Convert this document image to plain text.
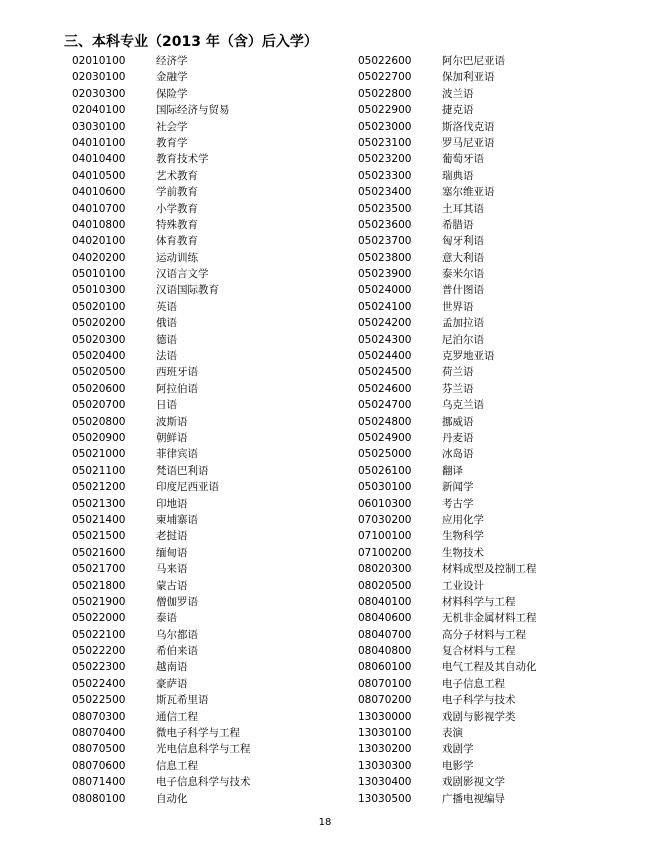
三、本科专业（2013 年（含）后入学）
02010100	经济学
02030100	金融学
02030300	保险学
02040100	国际经济与贸易
03030100	社会学
04010100	教育学
04010400	教育技术学
04010500	艺术教育
04010600	学前教育
04010700	小学教育
04010800	特殊教育
04020100	体育教育
04020200	运动训练
05010100	汉语言文学
05010300	汉语国际教育
05020100	英语
05020200	俄语
05020300	德语
05020400	法语
05020500	西班牙语
05020600	阿拉伯语
05020700	日语
05020800	波斯语
05020900	朝鲜语
05021000	菲律宾语
05021100	梵语巴利语
05021200	印度尼西亚语
05021300	印地语
05021400	柬埔寨语
05021500	老挝语
05021600	缅甸语
05021700	马来语
05021800	蒙古语
05021900	僧伽罗语
05022000	泰语
05022100	乌尔都语
05022200	希伯来语
05022300	越南语
05022400	豪萨语
05022500	斯瓦希里语
08070300	通信工程
08070400	微电子科学与工程
08070500	光电信息科学与工程
08070600	信息工程
08071400	电子信息科学与技术
08080100	自动化
05022600	阿尔巴尼亚语
05022700	保加利亚语
05022800	波兰语
05022900	捷克语
05023000	斯洛伐克语
05023100	罗马尼亚语
05023200	葡萄牙语
05023300	瑞典语
05023400	塞尔维亚语
05023500	土耳其语
05023600	希腊语
05023700	匈牙利语
05023800	意大利语
05023900	泰米尔语
05024000	普什图语
05024100	世界语
05024200	孟加拉语
05024300	尼泊尔语
05024400	克罗地亚语
05024500	荷兰语
05024600	芬兰语
05024700	乌克兰语
05024800	挪威语
05024900	丹麦语
05025000	冰岛语
05026100	翻译
05030100	新闻学
06010300	考古学
07030200	应用化学
07100100	生物科学
07100200	生物技术
08020300	材料成型及控制工程
08020500	工业设计
08040100	材料科学与工程
08040600	无机非金属材料工程
08040700	高分子材料与工程
08040800	复合材料与工程
08060100	电气工程及其自动化
08070100	电子信息工程
08070200	电子科学与技术
13030000	戏剧与影视学类
13030100	表演
13030200	戏剧学
13030300	电影学
13030400	戏剧影视文学
13030500	广播电视编导
18
